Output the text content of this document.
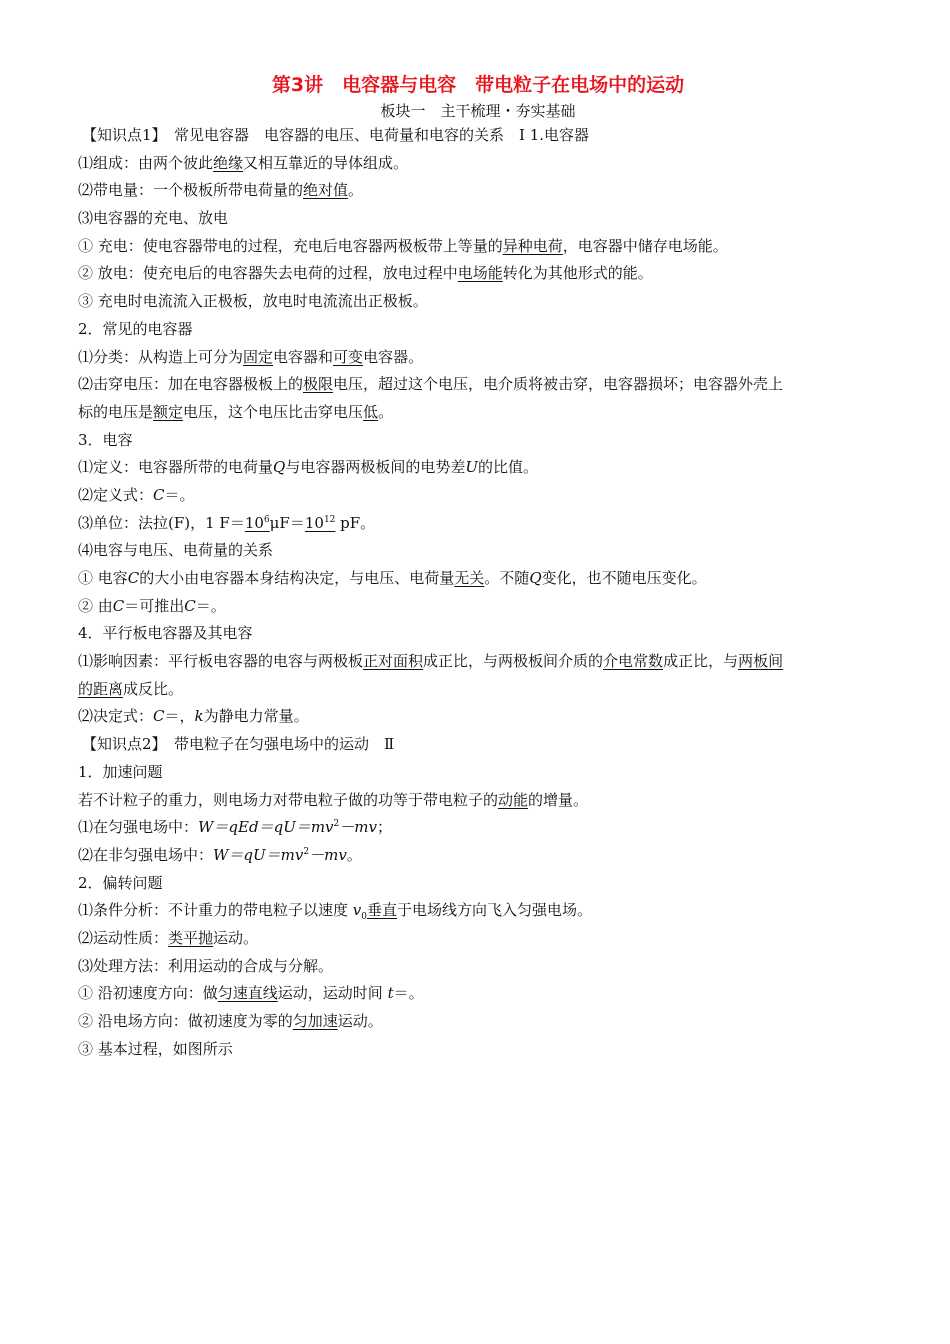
第3讲　电容器与电容　带电粒子在电场中的运动
板块一　主干梳理・夯实基础
【知识点1】　常见电容器　电容器的电压、电荷量和电容的关系　Ⅰ 1.电容器
⑴组成：由两个彼此绝缘又相互靠近的导体组成。
⑵带电量：一个极板所带电荷量的绝对值。
⑶电容器的充电、放电
① 充电：使电容器带电的过程，充电后电容器两极板带上等量的异种电荷，电容器中储存电场能。
② 放电：使充电后的电容器失去电荷的过程，放电过程中电场能转化为其他形式的能。
③ 充电时电流流入正极板，放电时电流流出正极板。
2．常见的电容器
⑴分类：从构造上可分为固定电容器和可变电容器。
⑵击穿电压：加在电容器极板上的极限电压，超过这个电压，电介质将被击穿，电容器损坏；电容器外壳上
标的电压是额定电压，这个电压比击穿电压低。
3．电容
⑴定义：电容器所带的电荷量Q与电容器两极板间的电势差U的比值。
⑵定义式：C＝。
⑶单位：法拉(F)，1 $F=10^6\mu F=10^{12}$ pF。
⑷电容与电压、电荷量的关系
① 电容C的大小由电容器本身结构决定，与电压、电荷量无关。不随Q变化，也不随电压变化。
② 由C＝可推出C＝。
4．平行板电容器及其电容
⑴影响因素：平行板电容器的电容与两极板正对面积成正比，与两极板间介质的介电常数成正比，与两板间
的距离成反比。
⑵决定式：C＝，k为静电力常量。
【知识点2】　带电粒子在匀强电场中的运动　Ⅱ
1．加速问题
若不计粒子的重力，则电场力对带电粒子做的功等于带电粒子的动能的增量。
⑴在匀强电场中：$W=qEd=qU=mv^2-mv$；
⑵在非匀强电场中：$W=qU=mv^2-mv$。
2．偏转问题
⑴条件分析：不计重力的带电粒子以速度 $v_0$垂直于电场线方向飞入匀强电场。
⑵运动性质：类平抛运动。
⑶处理方法：利用运动的合成与分解。
① 沿初速度方向：做匀速直线运动，运动时间 t＝。
② 沿电场方向：做初速度为零的匀加速运动。
③ 基本过程，如图所示
